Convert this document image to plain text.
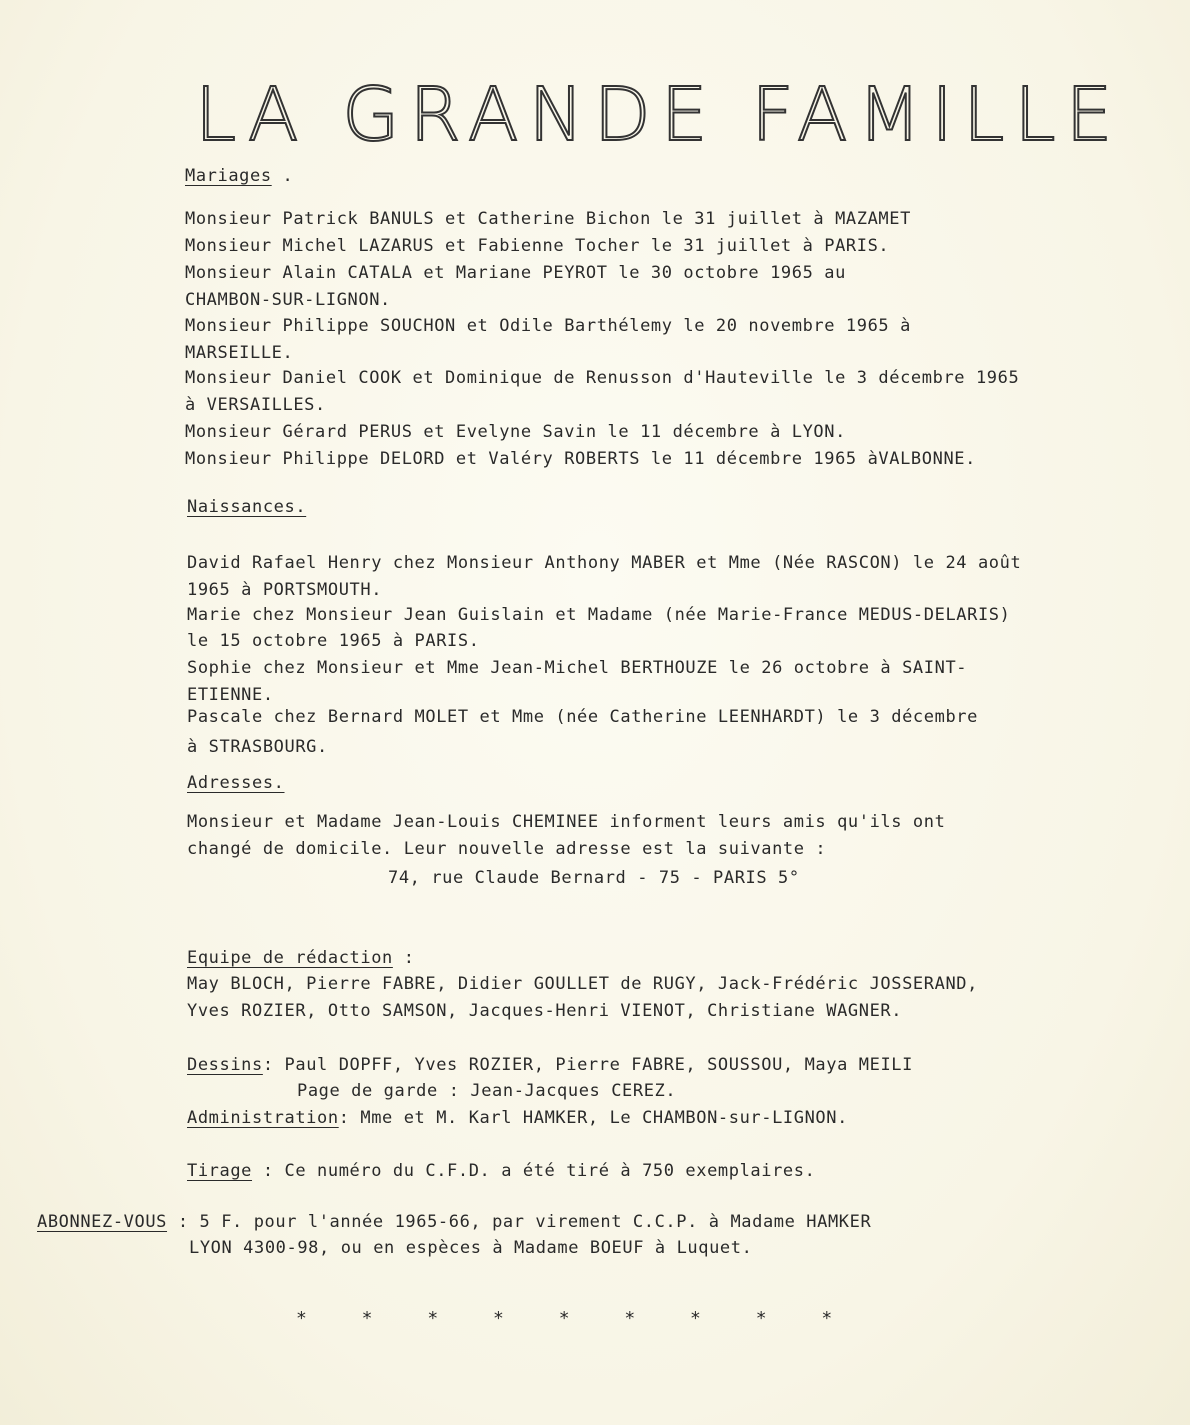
LA GRANDE FAMILLE
Mariages .
Monsieur Patrick BANULS et Catherine Bichon le 31 juillet à MAZAMET
Monsieur Michel LAZARUS et Fabienne Tocher le 31 juillet à PARIS.
Monsieur Alain CATALA et Mariane PEYROT le 30 octobre 1965 au
CHAMBON-SUR-LIGNON.
Monsieur Philippe SOUCHON et Odile Barthélemy le 20 novembre 1965 à
MARSEILLE.
Monsieur Daniel COOK et Dominique de Renusson d'Hauteville le 3 décembre 1965
à VERSAILLES.
Monsieur Gérard PERUS et Evelyne Savin le 11 décembre à LYON.
Monsieur Philippe DELORD et Valéry ROBERTS le 11 décembre 1965 àVALBONNE.
Naissances.
David Rafael Henry chez Monsieur Anthony MABER et Mme (Née RASCON) le 24 août
1965 à PORTSMOUTH.
Marie chez Monsieur Jean Guislain et Madame (née Marie-France MEDUS-DELARIS)
le 15 octobre 1965 à PARIS.
Sophie chez Monsieur et Mme Jean-Michel BERTHOUZE le 26 octobre à SAINT-
ETIENNE.
Pascale chez Bernard MOLET et Mme (née Catherine LEENHARDT) le 3 décembre
à STRASBOURG.
Adresses.
Monsieur et Madame Jean-Louis CHEMINEE informent leurs amis qu'ils ont
changé de domicile. Leur nouvelle adresse est la suivante :
74, rue Claude Bernard - 75 - PARIS 5°
Equipe de rédaction :
May BLOCH, Pierre FABRE, Didier GOULLET de RUGY, Jack-Frédéric JOSSERAND,
Yves ROZIER, Otto SAMSON, Jacques-Henri VIENOT, Christiane WAGNER.
Dessins: Paul DOPFF, Yves ROZIER, Pierre FABRE, SOUSSOU, Maya MEILI
Page de garde : Jean-Jacques CEREZ.
Administration: Mme et M. Karl HAMKER, Le CHAMBON-sur-LIGNON.
Tirage : Ce numéro du C.F.D. a été tiré à 750 exemplaires.
ABONNEZ-VOUS : 5 F. pour l'année 1965-66, par virement C.C.P. à Madame HAMKER
LYON 4300-98, ou en espèces à Madame BOEUF à Luquet.
* * * * * * * * *
